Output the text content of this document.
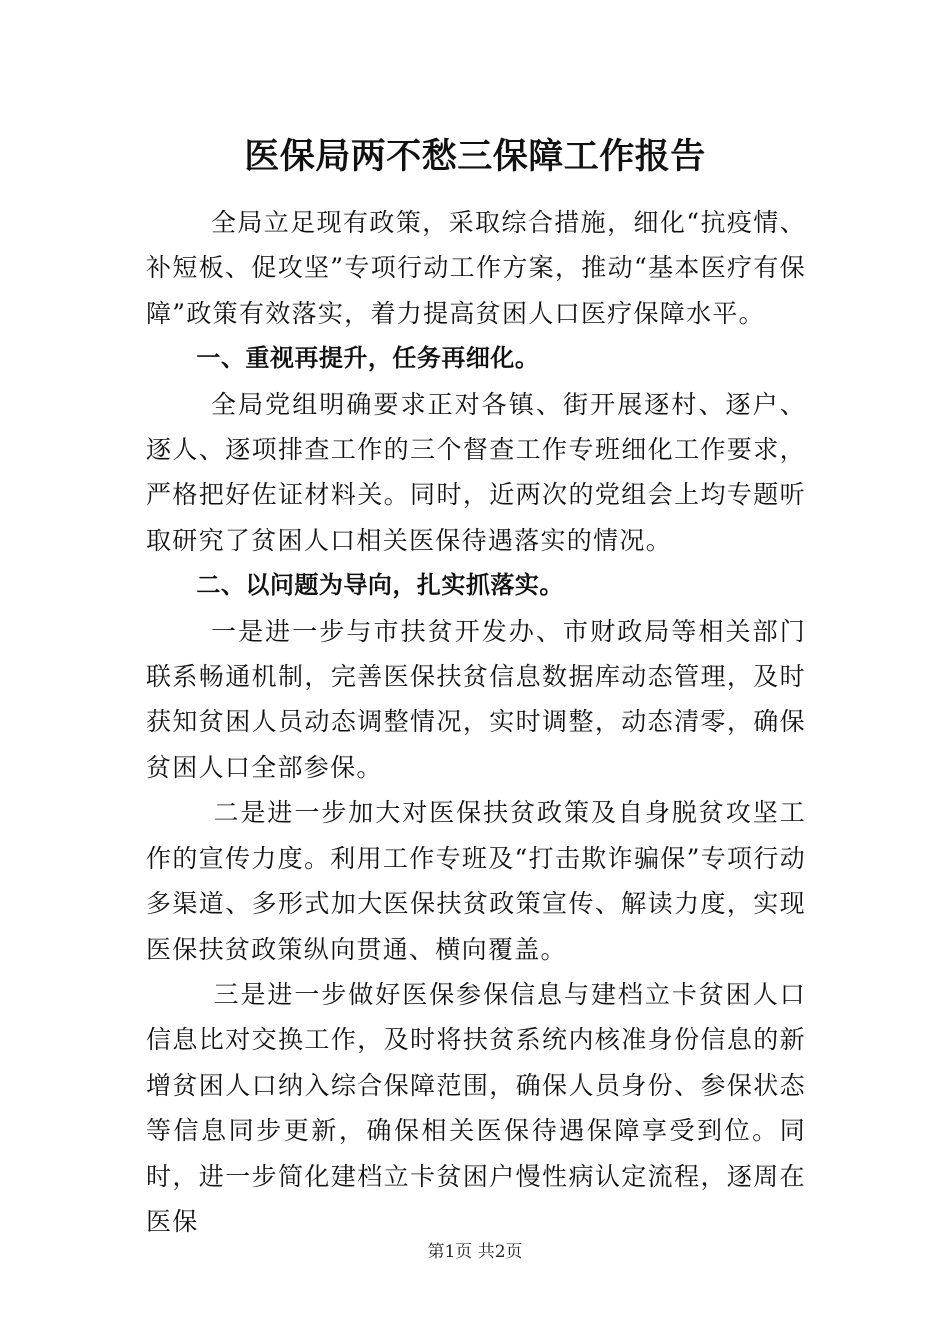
医保局两不愁三保障工作报告

全局立足现有政策，采取综合措施，细化“抗疫情、补短板、促攻坚”专项行动工作方案，推动“基本医疗有保障”政策有效落实，着力提高贫困人口医疗保障水平。

一、重视再提升，任务再细化。

全局党组明确要求正对各镇、街开展逐村、逐户、逐人、逐项排查工作的三个督查工作专班细化工作要求，严格把好佐证材料关。同时，近两次的党组会上均专题听取研究了贫困人口相关医保待遇落实的情况。

二、以问题为导向，扎实抓落实。

一是进一步与市扶贫开发办、市财政局等相关部门联系畅通机制，完善医保扶贫信息数据库动态管理，及时获知贫困人员动态调整情况，实时调整，动态清零，确保贫困人口全部参保。

二是进一步加大对医保扶贫政策及自身脱贫攻坚工作的宣传力度。利用工作专班及“打击欺诈骗保”专项行动多渠道、多形式加大医保扶贫政策宣传、解读力度，实现医保扶贫政策纵向贯通、横向覆盖。

三是进一步做好医保参保信息与建档立卡贫困人口信息比对交换工作，及时将扶贫系统内核准身份信息的新增贫困人口纳入综合保障范围，确保人员身份、参保状态等信息同步更新，确保相关医保待遇保障享受到位。同时，进一步简化建档立卡贫困户慢性病认定流程，逐周在医保

第1页 共2页
